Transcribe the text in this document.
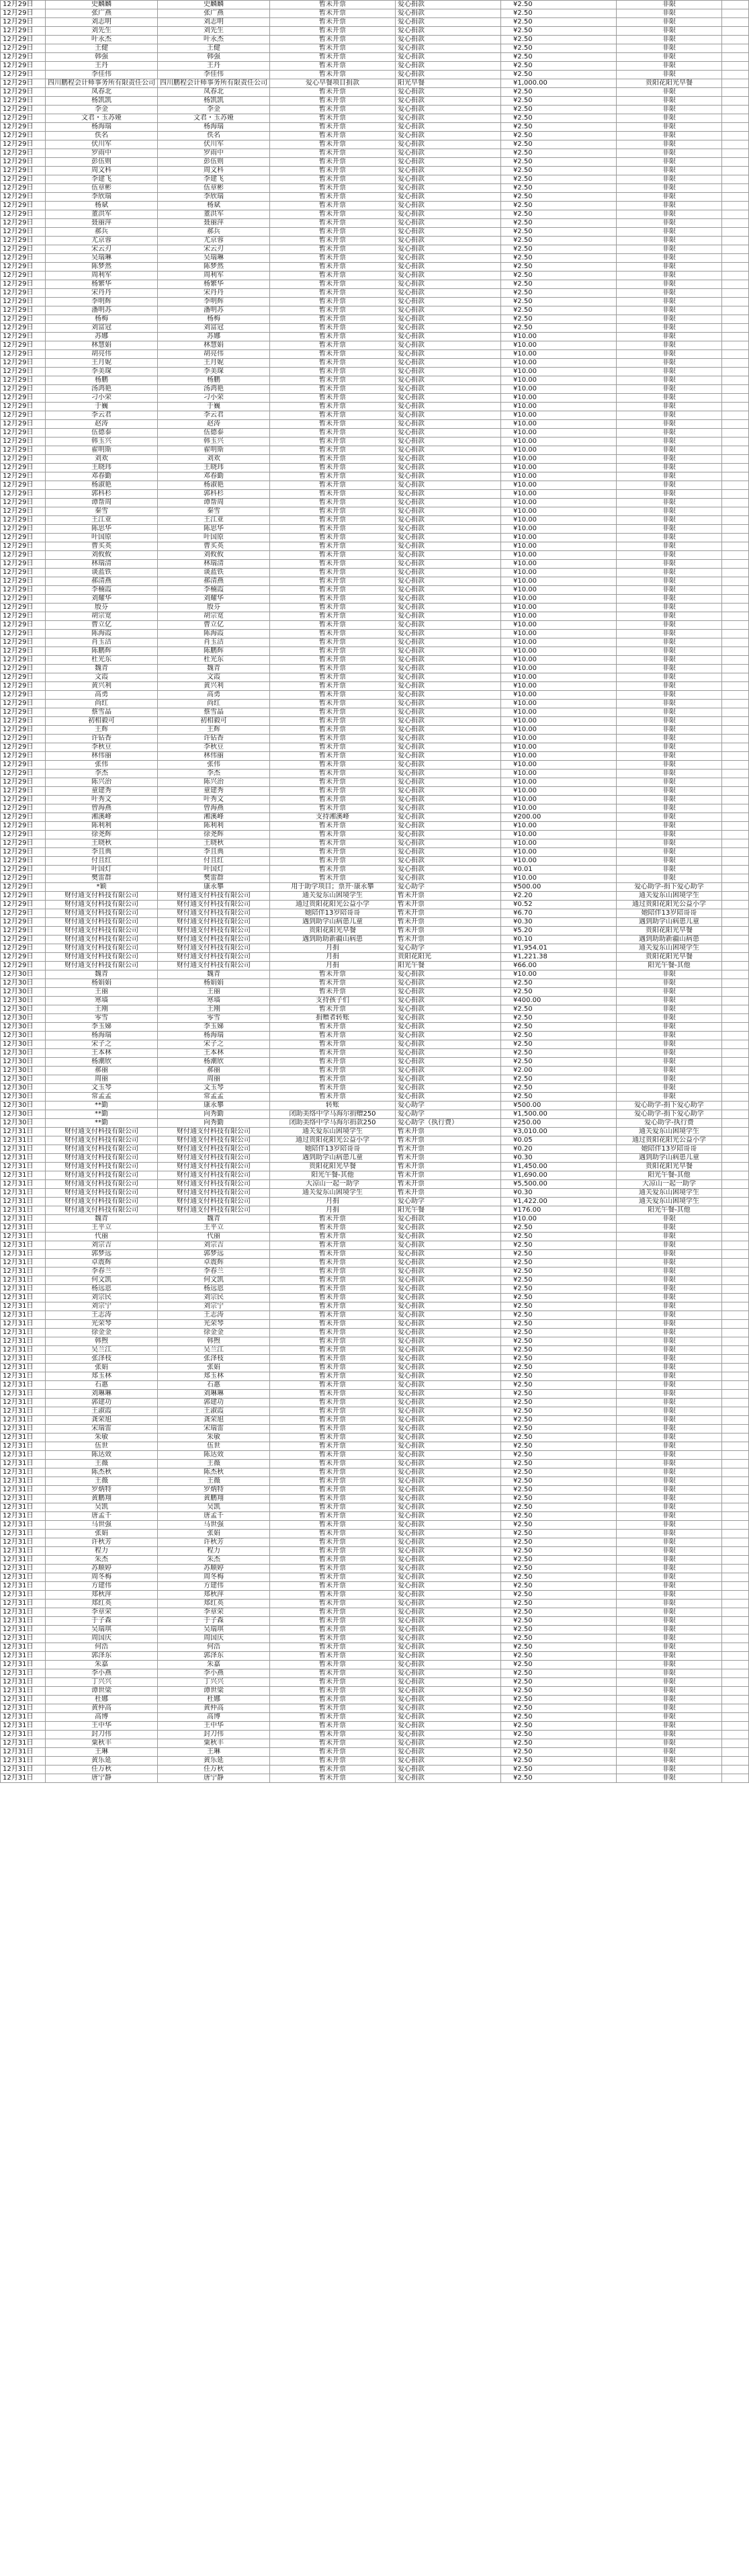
12月29日	史麟麟	史麟麟	暂未开票	爱心捐款	¥2.50	非限	
12月29日	张广燕	张广燕	暂未开票	爱心捐款	¥2.50	非限	
12月29日	刘志明	刘志明	暂未开票	爱心捐款	¥2.50	非限	
12月29日	刘先生	刘先生	暂未开票	爱心捐款	¥2.50	非限	
12月29日	叶永杰	叶永杰	暂未开票	爱心捐款	¥2.50	非限	
12月29日	王健	王健	暂未开票	爱心捐款	¥2.50	非限	
12月29日	韩强	韩强	暂未开票	爱心捐款	¥2.50	非限	
12月29日	王丹	王丹	暂未开票	爱心捐款	¥2.50	非限	
12月29日	李佳伟	李佳伟	暂未开票	爱心捐款	¥2.50	非限	
12月29日	四川鹏程会计师事务所有限责任公司	四川鹏程会计师事务所有限责任公司	爱心早餐项目捐款	阳光早餐	¥1,000.00	贵阳花阳光早餐	
12月29日	凤春北	凤春北	暂未开票	爱心捐款	¥2.50	非限	
12月29日	杨凯凯	杨凯凯	暂未开票	爱心捐款	¥2.50	非限	
12月29日	李金	李金	暂未开票	爱心捐款	¥2.50	非限	
12月29日	文君・玉苏娅	文君・玉苏娅	暂未开票	爱心捐款	¥2.50	非限	
12月29日	杨海瑞	杨海瑞	暂未开票	爱心捐款	¥2.50	非限	
12月29日	佚名	佚名	暂未开票	爱心捐款	¥2.50	非限	
12月29日	伏川军	伏川军	暂未开票	爱心捐款	¥2.50	非限	
12月29日	罗雨中	罗雨中	暂未开票	爱心捐款	¥2.50	非限	
12月29日	彭伍则	彭伍则	暂未开票	爱心捐款	¥2.50	非限	
12月29日	周文科	周文科	暂未开票	爱心捐款	¥2.50	非限	
12月29日	李建飞	李建飞	暂未开票	爱心捐款	¥2.50	非限	
12月29日	伍章彬	伍章彬	暂未开票	爱心捐款	¥2.50	非限	
12月29日	李欣瑞	李欣瑞	暂未开票	爱心捐款	¥2.50	非限	
12月29日	杨斌	杨斌	暂未开票	爱心捐款	¥2.50	非限	
12月29日	董洪军	董洪军	暂未开票	爱心捐款	¥2.50	非限	
12月29日	聂丽萍	聂丽萍	暂未开票	爱心捐款	¥2.50	非限	
12月29日	郝兵	郝兵	暂未开票	爱心捐款	¥2.50	非限	
12月29日	尤京蓉	尤京蓉	暂未开票	爱心捐款	¥2.50	非限	
12月29日	宋云刃	宋云刃	暂未开票	爱心捐款	¥2.50	非限	
12月29日	吴瑞琳	吴瑞琳	暂未开票	爱心捐款	¥2.50	非限	
12月29日	陈梦然	陈梦然	暂未开票	爱心捐款	¥2.50	非限	
12月29日	周利军	周利军	暂未开票	爱心捐款	¥2.50	非限	
12月29日	杨繁华	杨繁华	暂未开票	爱心捐款	¥2.50	非限	
12月29日	宋丹丹	宋丹丹	暂未开票	爱心捐款	¥2.50	非限	
12月29日	李明辉	李明辉	暂未开票	爱心捐款	¥2.50	非限	
12月29日	潘明苏	潘明苏	暂未开票	爱心捐款	¥2.50	非限	
12月29日	杨梅	杨梅	暂未开票	爱心捐款	¥2.50	非限	
12月29日	刘富冠	刘富冠	暂未开票	爱心捐款	¥2.50	非限	
12月29日	苏娜	苏娜	暂未开票	爱心捐款	¥10.00	非限	
12月29日	林慧娟	林慧娟	暂未开票	爱心捐款	¥10.00	非限	
12月29日	胡亮伟	胡亮伟	暂未开票	爱心捐款	¥10.00	非限	
12月29日	王月妮	王月妮	暂未开票	爱心捐款	¥10.00	非限	
12月29日	李美琛	李美琛	暂未开票	爱心捐款	¥10.00	非限	
12月29日	杨鹏	杨鹏	暂未开票	爱心捐款	¥10.00	非限	
12月29日	汤鸿艳	汤鸿艳	暂未开票	爱心捐款	¥10.00	非限	
12月29日	刁小荣	刁小荣	暂未开票	爱心捐款	¥10.00	非限	
12月29日	于巍	于巍	暂未开票	爱心捐款	¥10.00	非限	
12月29日	李云君	李云君	暂未开票	爱心捐款	¥10.00	非限	
12月29日	赵涛	赵涛	暂未开票	爱心捐款	¥10.00	非限	
12月29日	伍德泰	伍德泰	暂未开票	爱心捐款	¥10.00	非限	
12月29日	韩玉兴	韩玉兴	暂未开票	爱心捐款	¥10.00	非限	
12月29日	翟明斯	翟明斯	暂未开票	爱心捐款	¥10.00	非限	
12月29日	刘欢	刘欢	暂未开票	爱心捐款	¥10.00	非限	
12月29日	王晓玮	王晓玮	暂未开票	爱心捐款	¥10.00	非限	
12月29日	邓春勤	邓春勤	暂未开票	爱心捐款	¥10.00	非限	
12月29日	杨淑艳	杨淑艳	暂未开票	爱心捐款	¥10.00	非限	
12月29日	郭科杉	郭科杉	暂未开票	爱心捐款	¥10.00	非限	
12月29日	谭帮周	谭帮周	暂未开票	爱心捐款	¥10.00	非限	
12月29日	秦雪	秦雪	暂未开票	爱心捐款	¥10.00	非限	
12月29日	王江亚	王江亚	暂未开票	爱心捐款	¥10.00	非限	
12月29日	陈思华	陈思华	暂未开票	爱心捐款	¥10.00	非限	
12月29日	叶国原	叶国原	暂未开票	爱心捐款	¥10.00	非限	
12月29日	曹买英	曹买英	暂未开票	爱心捐款	¥10.00	非限	
12月29日	刘攸攸	刘攸攸	暂未开票	爱心捐款	¥10.00	非限	
12月29日	林瑞清	林瑞清	暂未开票	爱心捐款	¥10.00	非限	
12月29日	谈蓝铁	谈蓝铁	暂未开票	爱心捐款	¥10.00	非限	
12月29日	郝清燕	郝清燕	暂未开票	爱心捐款	¥10.00	非限	
12月29日	李楠霞	李楠霞	暂未开票	爱心捐款	¥10.00	非限	
12月29日	刘耀华	刘耀华	暂未开票	爱心捐款	¥10.00	非限	
12月29日	殷芬	殷芬	暂未开票	爱心捐款	¥10.00	非限	
12月29日	胡宗宽	胡宗宽	暂未开票	爱心捐款	¥10.00	非限	
12月29日	曹立亿	曹立亿	暂未开票	爱心捐款	¥10.00	非限	
12月29日	陈海霞	陈海霞	暂未开票	爱心捐款	¥10.00	非限	
12月29日	肖玉洁	肖玉洁	暂未开票	爱心捐款	¥10.00	非限	
12月29日	陈鹏辉	陈鹏辉	暂未开票	爱心捐款	¥10.00	非限	
12月29日	杜光东	杜光东	暂未开票	爱心捐款	¥10.00	非限	
12月29日	魏青	魏青	暂未开票	爱心捐款	¥10.00	非限	
12月29日	文霞	文霞	暂未开票	爱心捐款	¥10.00	非限	
12月29日	黄兴利	黄兴利	暂未开票	爱心捐款	¥10.00	非限	
12月29日	高勇	高勇	暂未开票	爱心捐款	¥10.00	非限	
12月29日	尚红	尚红	暂未开票	爱心捐款	¥10.00	非限	
12月29日	蔡雪晶	蔡雪晶	暂未开票	爱心捐款	¥10.00	非限	
12月29日	初相毅可	初相毅可	暂未开票	爱心捐款	¥10.00	非限	
12月29日	王辉	王辉	暂未开票	爱心捐款	¥10.00	非限	
12月29日	许钻香	许钻香	暂未开票	爱心捐款	¥10.00	非限	
12月29日	李秋豆	李秋豆	暂未开票	爱心捐款	¥10.00	非限	
12月29日	林伟丽	林伟丽	暂未开票	爱心捐款	¥10.00	非限	
12月29日	张伟	张伟	暂未开票	爱心捐款	¥10.00	非限	
12月29日	李杰	李杰	暂未开票	爱心捐款	¥10.00	非限	
12月29日	陈兴治	陈兴治	暂未开票	爱心捐款	¥10.00	非限	
12月29日	童建秀	童建秀	暂未开票	爱心捐款	¥10.00	非限	
12月29日	叶秀文	叶秀文	暂未开票	爱心捐款	¥10.00	非限	
12月29日	曾海燕	曾海燕	暂未开票	爱心捐款	¥10.00	非限	
12月29日	湘溪峰	湘溪峰	支持湘溪峰	爱心捐款	¥200.00	非限	
12月29日	陈利利	陈利利	暂未开票	爱心捐款	¥10.00	非限	
12月29日	徐尧辉	徐尧辉	暂未开票	爱心捐款	¥10.00	非限	
12月29日	王晓秋	王晓秋	暂未开票	爱心捐款	¥10.00	非限	
12月29日	李且典	李且典	暂未开票	爱心捐款	¥10.00	非限	
12月29日	付且红	付且红	暂未开票	爱心捐款	¥10.00	非限	
12月29日	叶国灯	叶国灯	暂未开票	爱心捐款	¥0.01	非限	
12月29日	樊雷群	樊雷群	暂未开票	爱心捐款	¥10.00	非限	
12月29日	*颖	康永攀	用于助学项目；票开·康永攀	爱心助学	¥500.00	爱心助学-捐下爱心助学	
12月29日	财付通支付科技有限公司	财付通支付科技有限公司	通关爱东山困境学生	暂未开票	¥2.20	通关爱东山困境学生	
12月29日	财付通支付科技有限公司	财付通支付科技有限公司	通过贵阳花阳光公益小学	暂未开票	¥0.52	通过贵阳花阳光公益小学	
12月29日	财付通支付科技有限公司	财付通支付科技有限公司	她陪伴13岁陪哥哥	暂未开票	¥6.70	她陪伴13岁陪哥哥	
12月29日	财付通支付科技有限公司	财付通支付科技有限公司	遇到助学山病患儿童	暂未开票	¥0.30	遇到助学山病患儿童	
12月29日	财付通支付科技有限公司	财付通支付科技有限公司	贵阳花阳光早餐	暂未开票	¥5.20	贵阳花阳光早餐	
12月29日	财付通支付科技有限公司	财付通支付科技有限公司	遇到助助新疆山病患	暂未开票	¥0.10	遇到助助新疆山病患	
12月29日	财付通支付科技有限公司	财付通支付科技有限公司	月捐	爱心助学	¥1,954.01	通关爱东山困境学生	
12月29日	财付通支付科技有限公司	财付通支付科技有限公司	月捐	贵阳花阳光	¥1,221.38	贵阳花阳光早餐	
12月29日	财付通支付科技有限公司	财付通支付科技有限公司	月捐	阳光午餐	¥66.00	阳光午餐-其他	
12月30日	魏青	魏青	暂未开票	爱心捐款	¥10.00	非限	
12月30日	杨娟娟	杨娟娟	暂未开票	爱心捐款	¥2.50	非限	
12月30日	王丽	王丽	暂未开票	爱心捐款	¥2.50	非限	
12月30日	寒墙	寒墙	支持孩子们	爱心捐款	¥400.00	非限	
12月30日	王刚	王刚	暂未开票	爱心捐款	¥2.50	非限	
12月30日	零雪	零雪	捐赠者转账	爱心捐款	¥2.50	非限	
12月30日	李玉娣	李玉娣	暂未开票	爱心捐款	¥2.50	非限	
12月30日	杨海瑞	杨海瑞	暂未开票	爱心捐款	¥2.50	非限	
12月30日	宋子之	宋子之	暂未开票	爱心捐款	¥2.50	非限	
12月30日	王本林	王本林	暂未开票	爱心捐款	¥2.50	非限	
12月30日	杨潮欣	杨潮欣	暂未开票	爱心捐款	¥2.50	非限	
12月30日	郝丽	郝丽	暂未开票	爱心捐款	¥2.00	非限	
12月30日	周丽	周丽	暂未开票	爱心捐款	¥2.50	非限	
12月30日	文玉琴	文玉琴	暂未开票	爱心捐款	¥2.50	非限	
12月30日	常孟孟	常孟孟	暂未开票	爱心捐款	¥2.50	非限	
12月30日	**勤	康永攀	转账	爱心助学	¥500.00	爱心助学-捐下爱心助学	
12月30日	**勤	向秀勤	闭助美络中学马海尔捐赠250	爱心助学	¥1,500.00	爱心助学-捐下爱心助学	
12月30日	**勤	向秀勤	闭助美络中学马海尔捐款250	爱心助学（执行费）	¥250.00	爱心助学-执行费	
12月31日	财付通支付科技有限公司	财付通支付科技有限公司	通关爱东山困境学生	暂未开票	¥3,010.00	通关爱东山困境学生	
12月31日	财付通支付科技有限公司	财付通支付科技有限公司	通过贵阳花阳光公益小学	暂未开票	¥0.05	通过贵阳花阳光公益小学	
12月31日	财付通支付科技有限公司	财付通支付科技有限公司	她陪伴13岁陪哥哥	暂未开票	¥0.20	她陪伴13岁陪哥哥	
12月31日	财付通支付科技有限公司	财付通支付科技有限公司	遇到助学山病患儿童	暂未开票	¥0.30	遇到助学山病患儿童	
12月31日	财付通支付科技有限公司	财付通支付科技有限公司	贵阳花阳光早餐	暂未开票	¥1,450.00	贵阳花阳光早餐	
12月31日	财付通支付科技有限公司	财付通支付科技有限公司	阳光午餐-其他	暂未开票	¥1,690.00	阳光午餐-其他	
12月31日	财付通支付科技有限公司	财付通支付科技有限公司	大凉山一起一助学	暂未开票	¥5,500.00	大凉山一起一助学	
12月31日	财付通支付科技有限公司	财付通支付科技有限公司	通关爱东山困境学生	暂未开票	¥0.30	通关爱东山困境学生	
12月31日	财付通支付科技有限公司	财付通支付科技有限公司	月捐	爱心助学	¥1,422.00	通关爱东山困境学生	
12月31日	财付通支付科技有限公司	财付通支付科技有限公司	月捐	阳光午餐	¥176.00	阳光午餐-其他	
12月31日	魏青	魏青	暂未开票	爱心捐款	¥10.00	非限	
12月31日	王平立	王平立	暂未开票	爱心捐款	¥2.50	非限	
12月31日	代丽	代丽	暂未开票	爱心捐款	¥2.50	非限	
12月31日	刘宗吉	刘宗吉	暂未开票	爱心捐款	¥2.50	非限	
12月31日	郭梦远	郭梦远	暂未开票	爱心捐款	¥2.50	非限	
12月31日	卓震辉	卓震辉	暂未开票	爱心捐款	¥2.50	非限	
12月31日	李春兰	李春兰	暂未开票	爱心捐款	¥2.50	非限	
12月31日	何文凯	何文凯	暂未开票	爱心捐款	¥2.50	非限	
12月31日	杨远恩	杨远恩	暂未开票	爱心捐款	¥2.50	非限	
12月31日	刘宗民	刘宗民	暂未开票	爱心捐款	¥2.50	非限	
12月31日	刘宗宁	刘宗宁	暂未开票	爱心捐款	¥2.50	非限	
12月31日	王志涛	王志涛	暂未开票	爱心捐款	¥2.50	非限	
12月31日	光荣琴	光荣琴	暂未开票	爱心捐款	¥2.50	非限	
12月31日	徐金金	徐金金	暂未开票	爱心捐款	¥2.50	非限	
12月31日	韩煦	韩煦	暂未开票	爱心捐款	¥2.50	非限	
12月31日	吴兰江	吴兰江	暂未开票	爱心捐款	¥2.50	非限	
12月31日	张泽枝	张泽枝	暂未开票	爱心捐款	¥2.50	非限	
12月31日	张娟	张娟	暂未开票	爱心捐款	¥2.50	非限	
12月31日	郑玉林	郑玉林	暂未开票	爱心捐款	¥2.50	非限	
12月31日	石惠	石惠	暂未开票	爱心捐款	¥2.50	非限	
12月31日	刘琳琳	刘琳琳	暂未开票	爱心捐款	¥2.50	非限	
12月31日	郭建功	郭建功	暂未开票	爱心捐款	¥2.50	非限	
12月31日	王淑霞	王淑霞	暂未开票	爱心捐款	¥2.50	非限	
12月31日	龚荣旭	龚荣旭	暂未开票	爱心捐款	¥2.50	非限	
12月31日	宋瑞雷	宋瑞雷	暂未开票	爱心捐款	¥2.50	非限	
12月31日	朱敏	朱敏	暂未开票	爱心捐款	¥2.50	非限	
12月31日	伍世	伍世	暂未开票	爱心捐款	¥2.50	非限	
12月31日	陈达效	陈达效	暂未开票	爱心捐款	¥2.50	非限	
12月31日	王薇	王薇	暂未开票	爱心捐款	¥2.50	非限	
12月31日	陈杰秋	陈杰秋	暂未开票	爱心捐款	¥2.50	非限	
12月31日	王薇	王薇	暂未开票	爱心捐款	¥2.50	非限	
12月31日	罗炳特	罗炳特	暂未开票	爱心捐款	¥2.50	非限	
12月31日	黄鹏翔	黄鹏翔	暂未开票	爱心捐款	¥2.50	非限	
12月31日	吴凯	吴凯	暂未开票	爱心捐款	¥2.50	非限	
12月31日	唐孟千	唐孟千	暂未开票	爱心捐款	¥2.50	非限	
12月31日	马世强	马世强	暂未开票	爱心捐款	¥2.50	非限	
12月31日	张娟	张娟	暂未开票	爱心捐款	¥2.50	非限	
12月31日	许秋芳	许秋芳	暂未开票	爱心捐款	¥2.50	非限	
12月31日	程力	程力	暂未开票	爱心捐款	¥2.50	非限	
12月31日	朱杰	朱杰	暂未开票	爱心捐款	¥2.50	非限	
12月31日	苏顺婷	苏顺婷	暂未开票	爱心捐款	¥2.50	非限	
12月31日	周冬梅	周冬梅	暂未开票	爱心捐款	¥2.50	非限	
12月31日	方建伟	方建伟	暂未开票	爱心捐款	¥2.50	非限	
12月31日	郑秋萍	郑秋萍	暂未开票	爱心捐款	¥2.50	非限	
12月31日	郑红英	郑红英	暂未开票	爱心捐款	¥2.50	非限	
12月31日	李章荣	李章荣	暂未开票	爱心捐款	¥2.50	非限	
12月31日	于子森	于子森	暂未开票	爱心捐款	¥2.50	非限	
12月31日	吴瑞琪	吴瑞琪	暂未开票	爱心捐款	¥2.50	非限	
12月31日	周国庆	周国庆	暂未开票	爱心捐款	¥2.50	非限	
12月31日	何浩	何浩	暂未开票	爱心捐款	¥2.50	非限	
12月31日	郭泽东	郭泽东	暂未开票	爱心捐款	¥2.50	非限	
12月31日	朱嘉	朱嘉	暂未开票	爱心捐款	¥2.50	非限	
12月31日	李小燕	李小燕	暂未开票	爱心捐款	¥2.50	非限	
12月31日	丁兴兴	丁兴兴	暂未开票	爱心捐款	¥2.50	非限	
12月31日	谭世梁	谭世梁	暂未开票	爱心捐款	¥2.50	非限	
12月31日	杜娜	杜娜	暂未开票	爱心捐款	¥2.50	非限	
12月31日	黄仲高	黄仲高	暂未开票	爱心捐款	¥2.50	非限	
12月31日	高博	高博	暂未开票	爱心捐款	¥2.50	非限	
12月31日	王中华	王中华	暂未开票	爱心捐款	¥2.50	非限	
12月31日	封刀伟	封刀伟	暂未开票	爱心捐款	¥2.50	非限	
12月31日	粟秋丰	粟秋丰	暂未开票	爱心捐款	¥2.50	非限	
12月31日	王琳	王琳	暂未开票	爱心捐款	¥2.50	非限	
12月31日	黄乐延	黄乐延	暂未开票	爱心捐款	¥2.50	非限	
12月31日	任万秋	任万秋	暂未开票	爱心捐款	¥2.50	非限	
12月31日	唐宁静	唐宁静	暂未开票	爱心捐款	¥2.50	非限	
